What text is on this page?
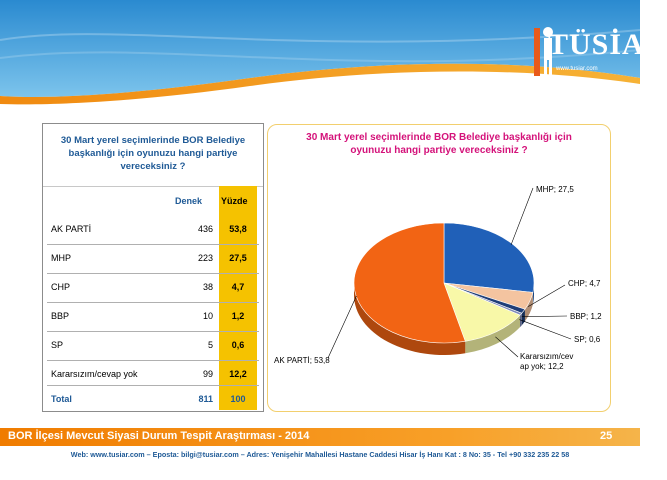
TÜSİAR
www.tusiar.com
30 Mart yerel seçimlerinde BOR Belediye başkanlığı için oyunuzu hangi partiye vereceksiniz ?
Denek Yüzde
AK PARTİ	436	53,8
MHP	223	27,5
CHP	38	4,7
BBP	10	1,2
SP	5	0,6
Kararsızım/cevap yok	99	12,2
Total	811	100
30 Mart yerel seçimlerinde BOR Belediye başkanlığı için oyunuzu hangi partiye vereceksiniz ?
MHP; 27,5
CHP; 4,7
BBP; 1,2
SP; 0,6
Kararsızım/cev
ap yok; 12,2
AK PARTİ; 53,8
BOR İlçesi Mevcut Siyasi Durum Tespit Araştırması - 2014	25
Web: www.tusiar.com – Eposta: bilgi@tusiar.com – Adres: Yenişehir Mahallesi Hastane Caddesi Hisar İş Hanı Kat : 8 No: 35 - Tel +90 332 235 22 58
